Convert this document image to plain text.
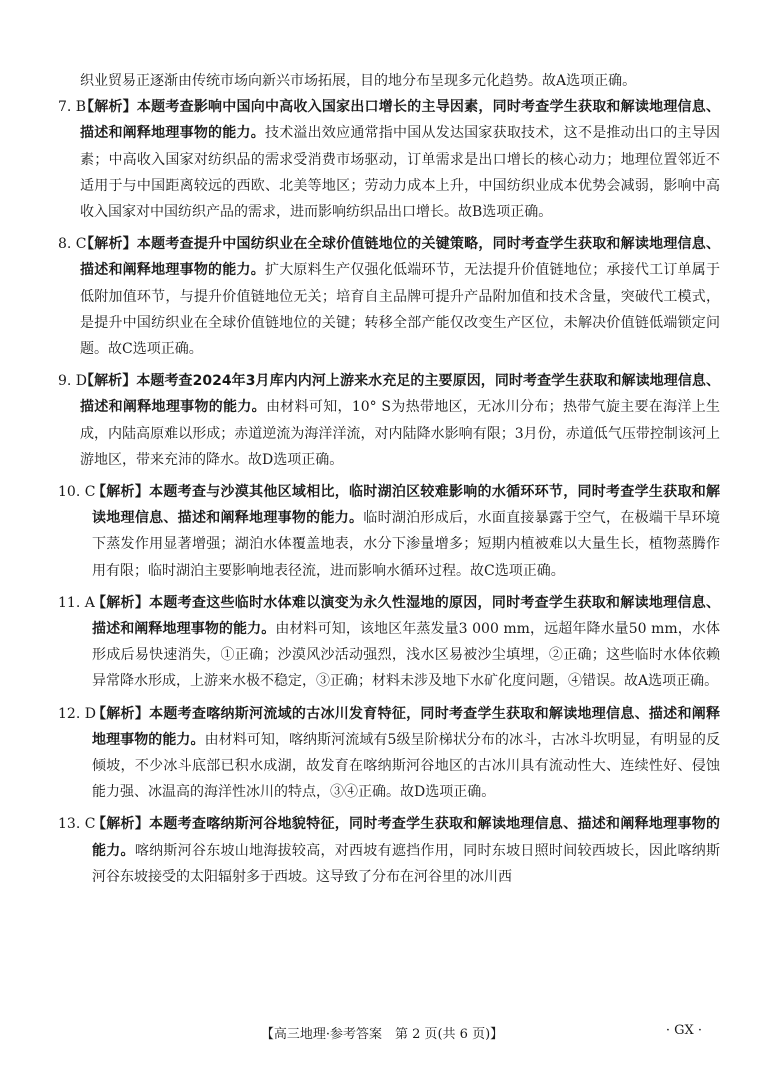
织业贸易正逐渐由传统市场向新兴市场拓展，目的地分布呈现多元化趋势。故A选项正确。

7. B
【解析】本题考查影响中国向中高收入国家出口增长的主导因素，同时考查学生获取和解读地理信息、描述和阐释地理事物的能力。技术溢出效应通常指中国从发达国家获取技术，这不是推动出口的主导因素；中高收入国家对纺织品的需求受消费市场驱动，订单需求是出口增长的核心动力；地理位置邻近不适用于与中国距离较远的西欧、北美等地区；劳动力成本上升，中国纺织业成本优势会减弱，影响中高收入国家对中国纺织产品的需求，进而影响纺织品出口增长。故B选项正确。
8. C
【解析】本题考查提升中国纺织业在全球价值链地位的关键策略，同时考查学生获取和解读地理信息、描述和阐释地理事物的能力。扩大原料生产仅强化低端环节，无法提升价值链地位；承接代工订单属于低附加值环节，与提升价值链地位无关；培育自主品牌可提升产品附加值和技术含量，突破代工模式，是提升中国纺织业在全球价值链地位的关键；转移全部产能仅改变生产区位，未解决价值链低端锁定问题。故C选项正确。
9. D
【解析】本题考查2024年3月库内内河上游来水充足的主要原因，同时考查学生获取和解读地理信息、描述和阐释地理事物的能力。由材料可知，10° S为热带地区，无冰川分布；热带气旋主要在海洋上生成，内陆高原难以形成；赤道逆流为海洋洋流，对内陆降水影响有限；3月份，赤道低气压带控制该河上游地区，带来充沛的降水。故D选项正确。
10. C
【解析】本题考查与沙漠其他区域相比，临时湖泊区较难影响的水循环环节，同时考查学生获取和解读地理信息、描述和阐释地理事物的能力。临时湖泊形成后，水面直接暴露于空气，在极端干旱环境下蒸发作用显著增强；湖泊水体覆盖地表，水分下渗量增多；短期内植被难以大量生长，植物蒸腾作用有限；临时湖泊主要影响地表径流，进而影响水循环过程。故C选项正确。
11. A
【解析】本题考查这些临时水体难以演变为永久性湿地的原因，同时考查学生获取和解读地理信息、描述和阐释地理事物的能力。由材料可知，该地区年蒸发量3 000 mm，远超年降水量50 mm，水体形成后易快速消失，①正确；沙漠风沙活动强烈，浅水区易被沙尘填埋，②正确；这些临时水体依赖异常降水形成，上游来水极不稳定，③正确；材料未涉及地下水矿化度问题，④错误。故A选项正确。
12. D
【解析】本题考查喀纳斯河流域的古冰川发育特征，同时考查学生获取和解读地理信息、描述和阐释地理事物的能力。由材料可知，喀纳斯河流域有5级呈阶梯状分布的冰斗，古冰斗坎明显，有明显的反倾坡，不少冰斗底部已积水成湖，故发育在喀纳斯河谷地区的古冰川具有流动性大、连续性好、侵蚀能力强、冰温高的海洋性冰川的特点，③④正确。故D选项正确。
13. C
【解析】本题考查喀纳斯河谷地貌特征，同时考查学生获取和解读地理信息、描述和阐释地理事物的能力。喀纳斯河谷东坡山地海拔较高，对西坡有遮挡作用，同时东坡日照时间较西坡长，因此喀纳斯河谷东坡接受的太阳辐射多于西坡。这导致了分布在河谷里的冰川西
【高三地理·参考答案　第 2 页(共 6 页)】	· GX ·
